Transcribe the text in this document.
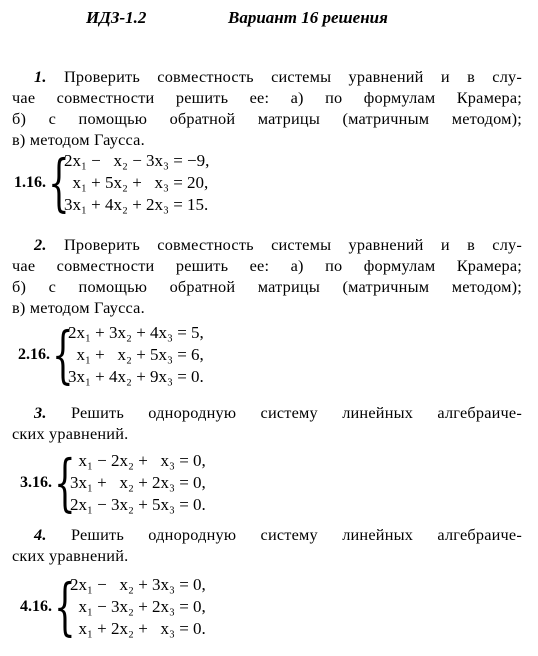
ИДЗ-1.2	Вариант 16 решения
1. Проверить совместность системы уравнений и в слу-
чае совместности решить ее: а) по формулам Крамера;
б) с помощью обратной матрицы (матричным методом);
в) методом Гаусса.
1.16. {
2x₁ −   x₂ − 3x₃ = −9,
x₁ + 5x₂ +   x₃ = 20,
3x₁ + 4x₂ + 2x₃ = 15.
2. Проверить совместность системы уравнений и в слу-
чае совместности решить ее: а) по формулам Крамера;
б) с помощью обратной матрицы (матричным методом);
в) методом Гаусса.
2.16. {
2x₁ + 3x₂ + 4x₃ = 5,
x₁ +   x₂ + 5x₃ = 6,
3x₁ + 4x₂ + 9x₃ = 0.
3. Решить однородную систему линейных алгебраиче-
ских уравнений.
3.16. {
x₁ − 2x₂ +   x₃ = 0,
3x₁ +   x₂ + 2x₃ = 0,
2x₁ − 3x₂ + 5x₃ = 0.
4. Решить однородную систему линейных алгебраиче-
ских уравнений.
4.16. {
2x₁ −   x₂ + 3x₃ = 0,
x₁ − 3x₂ + 2x₃ = 0,
x₁ + 2x₂ +   x₃ = 0.
